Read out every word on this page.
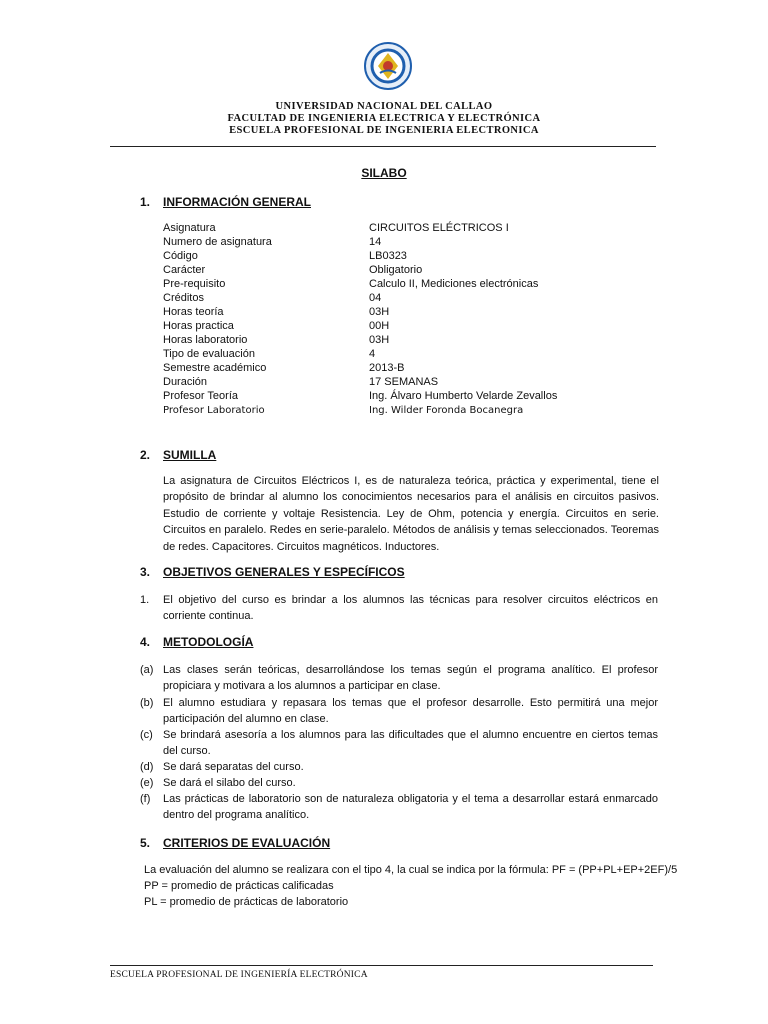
UNIVERSIDAD NACIONAL DEL CALLAO
FACULTAD DE INGENIERIA ELECTRICA Y ELECTRÓNICA
ESCUELA PROFESIONAL DE INGENIERIA ELECTRONICA
SILABO
1. INFORMACIÓN GENERAL
Asignatura	CIRCUITOS ELÉCTRICOS I
Numero de asignatura	14
Código	LB0323
Carácter	Obligatorio
Pre-requisito	Calculo II, Mediciones electrónicas
Créditos	04
Horas teoría	03H
Horas practica	00H
Horas laboratorio	03H
Tipo de evaluación	4
Semestre académico	2013-B
Duración	17 SEMANAS
Profesor Teoría	Ing. Álvaro Humberto Velarde Zevallos
Profesor Laboratorio	Ing. Wilder Foronda Bocanegra
2. SUMILLA
La asignatura de Circuitos Eléctricos I, es de naturaleza teórica, práctica y experimental, tiene el propósito de brindar al alumno los conocimientos necesarios para el análisis en circuitos pasivos. Estudio de corriente y voltaje Resistencia. Ley de Ohm, potencia y energía. Circuitos en serie. Circuitos en paralelo. Redes en serie-paralelo. Métodos de análisis y temas seleccionados. Teoremas de redes. Capacitores. Circuitos magnéticos. Inductores.
3. OBJETIVOS GENERALES Y ESPECÍFICOS
1. El objetivo del curso es brindar a los alumnos las técnicas para resolver circuitos eléctricos en corriente continua.
4. METODOLOGÍA
(a) Las clases serán teóricas, desarrollándose los temas según el programa analítico. El profesor propiciara y motivara a los alumnos a participar en clase.
(b) El alumno estudiara y repasara los temas que el profesor desarrolle. Esto permitirá una mejor participación del alumno en clase.
(c) Se brindará asesoría a los alumnos para las dificultades que el alumno encuentre en ciertos temas del curso.
(d) Se dará separatas del curso.
(e) Se dará el silabo del curso.
(f) Las prácticas de laboratorio son de naturaleza obligatoria y el tema a desarrollar estará enmarcado dentro del programa analítico.
5. CRITERIOS DE EVALUACIÓN
La evaluación del alumno se realizara con el tipo 4, la cual se indica por la fórmula: PF = (PP+PL+EP+2EF)/5
PP = promedio de prácticas calificadas
PL = promedio de prácticas de laboratorio
ESCUELA PROFESIONAL DE INGENIERÍA ELECTRÓNICA
